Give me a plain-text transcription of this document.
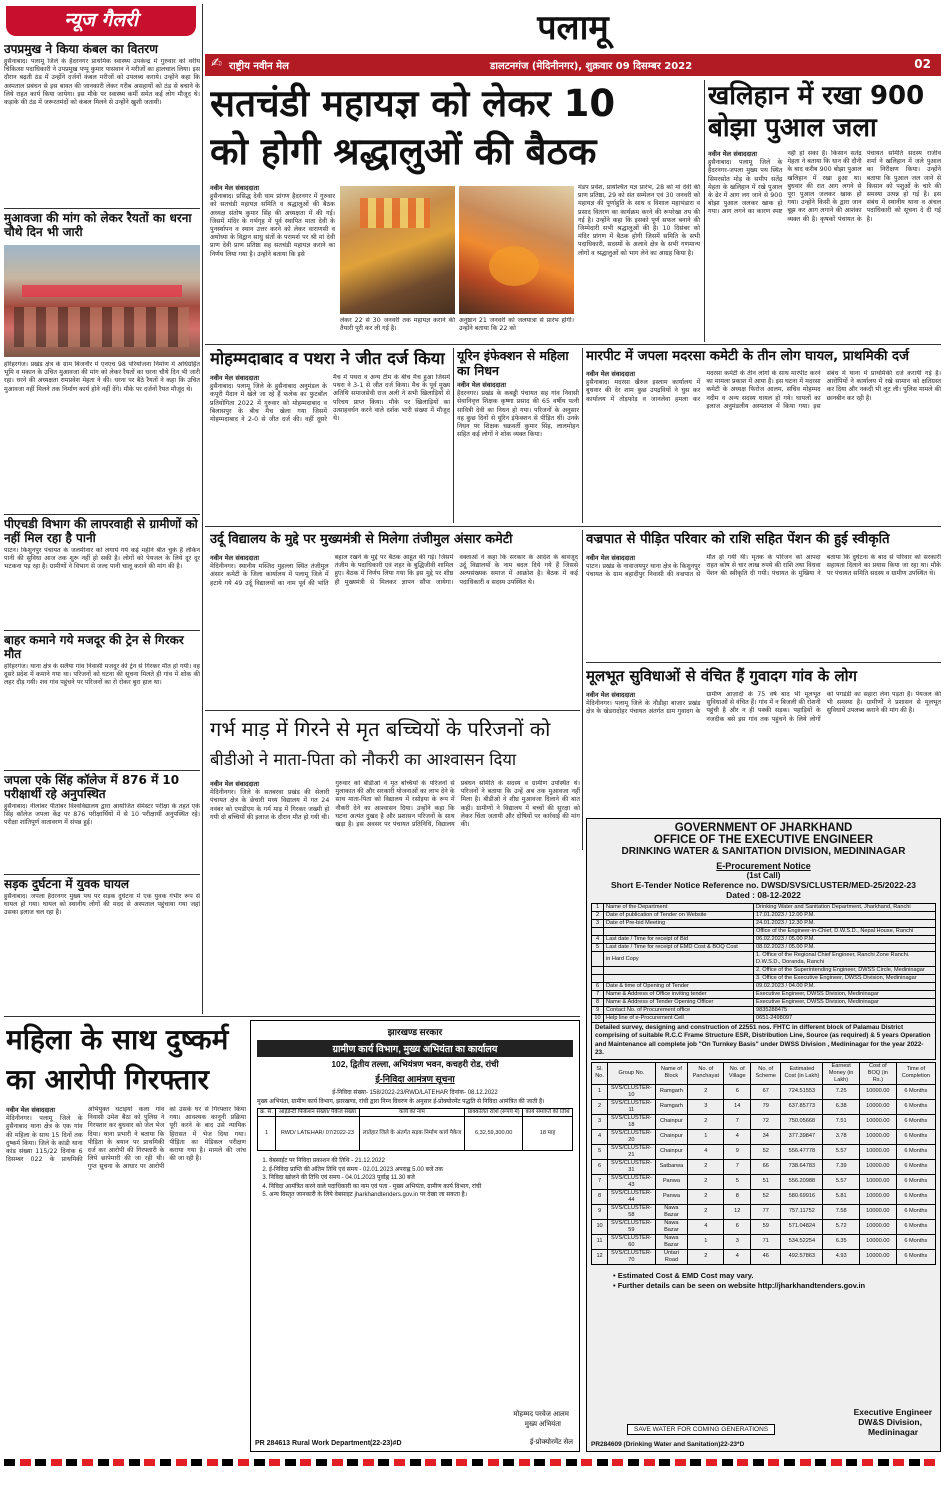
न्यूज गैलरी
उपप्रमुख ने किया कंबल का वितरण
हुसैनाबाद। पलामू जिले के हैदरनगर प्राथमिक स्वास्थ्य उपकेन्द्र में गुरुवार को वरीय चिकित्सा पदाधिकारी ने उपप्रमुख पप्पू कुमार पासवान ने मरीजों का हालचाल लिया। इस दौरान बढ़ती ठंड में उन्होंने दर्जनों कंबल मरीजों को उपलब्ध कराये। उन्होंने कहा कि अस्पताल प्रबंधन से इस बावत की जानकारी लेकर गरीब असहायों को ठंड से बचाने के लिये राहत कार्य किया जायेगा। इस मौके पर स्वास्थ्य कर्मी समेत कई लोग मौजूद थे। कड़ाके की ठंड में जरूरतमंदों को कंबल मिलने से उन्होंने खुशी जतायी।
मुआवजा की मांग को लेकर रैयतों का धरना चौथे दिन भी जारी
हरिहरगंज। प्रखंड क्षेत्र के ग्राम बिजनौर में एनएच 98 परियोजना निर्माण में अधिग्रहित भूमि व मकान के उचित मुआवजा की मांग को लेकर रैयतों का धरना चौथे दिन भी जारी रहा। धरने की अध्यक्षता रामप्रवेश मेहता ने की। धरना पर बैठे रैयतों ने कहा कि उचित मुआवजा नहीं मिलने तक निर्माण कार्य होने नहीं देंगे। मौके पर दर्जनों रैयत मौजूद थे।
पीएचडी विभाग की लापरवाही से ग्रामीणों को नहीं मिल रहा है पानी
पाटन। किशुनपुर पंचायत के जलमीनार को लगाये गये कई महीने बीत चुके हैं लेकिन पानी की सुविधा आज तक शुरू नहीं हो सकी है। लोगों को पेयजल के लिये दूर दूर भटकना पड़ रहा है। ग्रामीणों ने विभाग से जल्द पानी चालू कराने की मांग की है।
बाहर कमाने गये मजदूर की ट्रेन से गिरकर मौत
हरिहरगंज। थाना क्षेत्र के सलैया गांव निवासी मजदूर की ट्रेन से गिरकर मौत हो गयी। वह दूसरे प्रदेश में कमाने गया था। परिजनों को घटना की सूचना मिलते ही गांव में शोक की लहर दौड़ गयी। शव गांव पहुंचने पर परिजनों का रो रोकर बुरा हाल था।
जपला एके सिंह कॉलेज में 876 में 10 परीक्षार्थी रहे अनुपस्थित
हुसैनाबाद। नीलांबर पीतांबर विश्वविद्यालय द्वारा आयोजित सेमेस्टर परीक्षा के तहत एके सिंह कॉलेज जपला केंद्र पर 876 परीक्षार्थियों में से 10 परीक्षार्थी अनुपस्थित रहे। परीक्षा शांतिपूर्ण वातावरण में संपन्न हुई।
सड़क दुर्घटना में युवक घायल
हुसैनाबाद। जपला हैदरनगर मुख्य पथ पर सड़क दुर्घटना में एक युवक गंभीर रूप से घायल हो गया। घायल को स्थानीय लोगों की मदद से अस्पताल पहुंचाया गया जहां उसका इलाज चल रहा है।
पलामू
✍ राष्ट्रीय नवीन मेल	डालटनगंज (मेदिनीनगर), शुक्रवार 09 दिसम्बर 2022	02
सतचंडी महायज्ञ को लेकर 10
को होगी श्रद्धालुओं की बैठक
नवीन मेल संवाददाता
हुसैनाबाद। प्रसिद्ध देवी धाम प्रांगण हैदरनगर में गुरुवार को सतचंडी महायज्ञ समिति व श्रद्धालुओं की बैठक अध्यक्ष संतोष कुमार सिंह की अध्यक्षता में की गई। जिसमें मंदिर के गर्भगृह में पूर्व स्थापित माता देवी के पुनर्स्थापन व स्थान उत्तर करने को लेकर वाराणसी व अयोध्या के विद्वान साधु संतों के परामर्श पर श्री मां देवी प्राण देवी प्राण प्रतिष्ठा सह सतचंडी महायज्ञ कराने का निर्णय लिया गया है। उन्होंने बताया कि इसे
लेकर 22 से 30 जनवरी तक महायज्ञ कराने की तैयारी पूरी कर ली गई है।
अनुष्ठान 21 जनवरी को जलयात्रा से प्रारंभ होगी। उन्होंने बताया कि 22 को
मंडप प्रवेश, प्रायश्चित यज्ञ प्रारंभ, 28 को मां देवी की प्राण प्रतिष्ठा, 29 को संत सम्मेलन एवं 30 जनवरी को महायज्ञ की पूर्णाहुति के साथ व विशाल महाभंडारा व प्रसाद वितरण का कार्यक्रम करने की रूपरेखा तय की गई है। उन्होंने कहा कि इसको पूर्ण सफल बनाने की जिम्मेदारी सभी श्रद्धालुओं की है। 10 दिसंबर को मंदिर प्रांगण में बैठक होगी जिसमें समिति के सभी पदाधिकारी, सदस्यों के अलावे क्षेत्र के सभी गणमान्य लोगों व श्रद्धालुओं को भाग लेने का आग्रह किया है।
खलिहान में रखा 900
बोझा पुआल जला
नवीन मेल संवाददाता
हुसैनाबाद। पलामू जिले के हैदरनगर-जपला मुख्य पथ स्थित सिमरसोत मोड़ के समीप सतेंद्र मेहता के खलिहान में रखे पुआल के ढेर में आग लग जाने से 900 बोझा पुआल जलकर खाक हो गया। आग लगने का कारण स्पष्ट नहीं हो सका है। किसान सतेंद्र मेहता ने बताया कि धान की दौनी के बाद करीब 900 बोझा पुआल खलिहान में रखा हुआ था। बुधवार की रात आग लगने से पूरा पुआल जलकर खाक हो गया। उन्होंने किसी के द्वारा जान बूझ कर आग लगाने की आशंका व्यक्त की है। कृषकों पंचायत के पंचायत समिति सदस्य राजीव शर्मा ने खलिहान में जले पुआल का निरीक्षण किया। उन्होंने बताया कि पुआल जल जाने से किसान को पशुओं के चारे की समस्या उत्पन्न हो गई है। इस संबंध में स्थानीय थाना व अंचल पदाधिकारी को सूचना दे दी गई है।
मोहम्मदाबाद व पथरा ने जीत दर्ज किया
नवीन मेल संवाददाता
हुसैनाबाद। पलामू जिले के हुसैनाबाद अनुमंडल के कपूरी मैदान में खेले जा रहे हैं फलेक का फुटबॉल प्रतियोगिता 2022 में गुरुवार को मोहम्मदाबाद व बिलासपुर के बीच मैच खेला गया जिसमें मोहम्मदाबाद ने 2-0 से जीत दर्ज की। वहीं दूसरे मैच में पथरा व अन्य टीम के बीच मैच हुआ जिसमें पथरा ने 3-1 से जीत दर्ज किया। मैच के पूर्व मुख्य अतिथि समाजसेवी राज अली ने सभी खिलाड़ियों से परिचय प्राप्त किया। मौके पर खिलाड़ियों का उत्साहवर्धन करने वाले दर्शक भारी संख्या में मौजूद थे।
यूरिन इंफेक्शन से महिला का निधन
नवीन मेल संवाददाता
हैदरनगर। प्रखंड के कबड्डी पंचायत सह गांव निवासी सेवानिवृत्त शिक्षक कृष्णा प्रसाद की 65 वर्षीय पत्नी सावित्री देवी का निधन हो गया। परिजनों के अनुसार वह कुछ दिनों से यूरिन इंफेक्शन से पीड़ित थीं। उनके निधन पर शिक्षक चक्रवर्ती कुमार सिंह, लालमोहन सहित कई लोगों ने शोक व्यक्त किया।
मारपीट में जपला मदरसा कमेटी के तीन लोग घायल, प्राथमिकी दर्ज
नवीन मेल संवाददाता
हुसैनाबाद। मदरसा खैरुल इस्लाम कार्यालय में बुधवार की देर शाम कुछ उपद्रवियों ने घुस कर कार्यालय में तोड़फोड़ व जानलेवा हमला कर मदरसा कमेटी के तीन लोगों के साथ मारपीट करने का मामला प्रकाश में आया है। इस घटना में मदरसा कमेटी के अध्यक्ष फिरोज आलम, सचिव मोहम्मद नदीम व अन्य सदस्य घायल हो गये। घायलों का इलाज अनुमंडलीय अस्पताल में किया गया। इस संबंध में थाना में प्राथमिकी दर्ज करायी गई है। आरोपियों ने कार्यालय में रखे सामान को क्षतिग्रस्त कर दिया और नकदी भी लूट ली। पुलिस मामले की छानबीन कर रही है।
उर्दू विद्यालय के मुद्दे पर मुख्यमंत्री से मिलेगा तंजीमुल अंसार कमेटी
नवीन मेल संवाददाता
मेदिनीनगर। स्थानीय मस्जिद मुहल्ला स्थित तंजीमुल अंसार कमेटी के जिला कार्यालय में पलामू जिले में हटाये गये 49 उर्दू विद्यालयों का नाम पूर्व की भांति बहाल रखने के मुद्दे पर बैठक आहूत की गई। जिसमें तंजीम के पदाधिकारी एवं शहर के बुद्धिजीवी शामिल हुए। बैठक में निर्णय लिया गया कि इस मुद्दे पर शीघ्र ही मुख्यमंत्री से मिलकर ज्ञापन सौंपा जायेगा। वक्ताओं ने कहा कि सरकार के आदेश के बावजूद उर्दू विद्यालयों के नाम बदल दिये गये हैं जिससे अल्पसंख्यक समाज में आक्रोश है। बैठक में कई पदाधिकारी व सदस्य उपस्थित थे।
वज्रपात से पीड़ित परिवार को राशि सहित पेंशन की हुई स्वीकृति
नवीन मेल संवाददाता
पाटन। प्रखंड के नावाजयपुर थाना क्षेत्र के किशुनपुर पंचायत के ग्राम बहादीपुर निवासी की वज्रपात से मौत हो गयी थी। मृतक के परिजन को आपदा राहत कोष से चार लाख रुपये की राशि तथा विधवा पेंशन की स्वीकृति दी गयी। पंचायत के मुखिया ने बताया कि दुर्घटना के बाद से परिवार को सरकारी सहायता दिलाने का प्रयास किया जा रहा था। मौके पर पंचायत समिति सदस्य व ग्रामीण उपस्थित थे।
मूलभूत सुविधाओं से वंचित हैं गुवादग गांव के लोग
नवीन मेल संवाददाता
मेदिनीनगर। पलामू जिले के नौडीहा बाजार प्रखंड क्षेत्र के खेडरादोहर पंचायत अंतर्गत ग्राम गुवादग के ग्रामीण आज़ादी के 75 वर्ष बाद भी मूलभूत सुविधाओं से वंचित हैं। गांव में न बिजली की रोशनी पहुंची है और न ही पक्की सड़क। पहाड़ियों के नजदीक बसे इस गांव तक पहुंचने के लिये लोगों को पगडंडी का सहारा लेना पड़ता है। पेयजल की भी समस्या है। ग्रामीणों ने प्रशासन से मूलभूत सुविधायें उपलब्ध कराने की मांग की है।
गर्भ माड़ में गिरने से मृत बच्चियों के परिजनों को
बीडीओ ने माता-पिता को नौकरी का आश्वासन दिया
नवीन मेल संवाददाता
मेदिनीनगर। जिले के सतबरवा प्रखंड की सेलारी पंचायत क्षेत्र के छेचारी मध्य विद्यालय में गत 24 नवंबर को एमडीएम के गर्म माड़ में गिरकर जख्मी हो गयी दो बच्चियों की इलाज के दौरान मौत हो गयी थी। गुरुवार को बीडीओ ने मृत बच्चियों के परिजनों से मुलाकात की और सरकारी योजनाओं का लाभ देने के साथ माता-पिता को विद्यालय में रसोइया के रूप में नौकरी देने का आश्वासन दिया। उन्होंने कहा कि घटना अत्यंत दुखद है और प्रशासन परिजनों के साथ खड़ा है। इस अवसर पर पंचायत प्रतिनिधि, विद्यालय प्रबंधन समिति के सदस्य व ग्रामीण उपस्थित थे। परिजनों ने बताया कि उन्हें अब तक मुआवजा नहीं मिला है। बीडीओ ने शीघ्र मुआवजा दिलाने की बात कही। ग्रामीणों ने विद्यालय में बच्चों की सुरक्षा को लेकर चिंता जतायी और दोषियों पर कार्रवाई की मांग की।
महिला के साथ दुष्कर्म
का आरोपी गिरफ्तार
नवीन मेल संवाददाता
मेदिनीनगर। पलामू जिले के हुसैनाबाद थाना क्षेत्र के एक गांव की महिला के साथ 15 दिनों तक दुष्कर्म किया। जिले के कांडी थाना कांड संख्या 115/22 दिनांक 6 दिसम्बर 022 के प्राथमिकी अभियुक्त घटाइयों कला गांव निवासी उमेश बैठा को पुलिस ने गिरफ्तार कर बुधवार को जेल भेज दिया। थाना प्रभारी ने बताया कि पीड़िता के बयान पर प्राथमिकी दर्ज कर आरोपी की गिरफ्तारी के लिये छापेमारी की जा रही थी। गुप्त सूचना के आधार पर आरोपी को उसके घर से गिरफ्तार किया गया। आवश्यक कानूनी प्रक्रिया पूरी करने के बाद उसे न्यायिक हिरासत में भेज दिया गया। पीड़िता का मेडिकल परीक्षण कराया गया है। मामले की जांच की जा रही है।
झारखण्ड सरकार
ग्रामीण कार्य विभाग, मुख्य अभियंता का कार्यालय
102, द्वितीय तल्ला, अभियंत्रण भवन, कचहरी रोड, रांची
ई-निविदा आमंत्रण सूचना
ई-निविदा संख्या- 158/2022-23/RWD/LATEHAR दिनांक- 08.12.2022
मुख्य अभियंता, ग्रामीण कार्य विभाग, झारखण्ड, रांची द्वारा निम्न विवरण के अनुसार ई-प्रोक्योरमेंट पद्धति से निविदा आमंत्रित की जाती है।
क्र. सं.	आईडेन्टी फिकेशन संख्या/ पैकेज संख्या	कार्य का नाम	प्राक्कलित राशि (रूपये में)	कार्य समाप्ति की तिथि
1	RWD/ LATEHAR/ 07/2022-23	लातेहार जिले के अंतर्गत सड़क निर्माण कार्य पैकेज	6,32,59,300.00	18 माह
1. वेबसाईट पर निविदा प्रकाशन की तिथि - 21.12.2022
2. ई-निविदा प्राप्ति की अंतिम तिथि एवं समय - 02.01.2023 अपराह्न 5.00 बजे तक
3. निविदा खोलने की तिथि एवं समय - 04.01.2023 पूर्वाह्न 11.30 बजे
4. निविदा आमंत्रित करने वाले पदाधिकारी का नाम एवं पता - मुख्य अभियंता, ग्रामीण कार्य विभाग, रांची
5. अन्य विस्तृत जानकारी के लिये वेबसाइट jharkhandtenders.gov.in पर देखा जा सकता है।
मोहम्मद परवेज आलम
मुख्य अभियंता
PR 284613 Rural Work Department(22-23)#D	ई-प्रोक्योरमेंट सेल
GOVERNMENT OF JHARKHAND
OFFICE OF THE EXECUTIVE ENGINEER
DRINKING WATER & SANITATION DIVISION, MEDININAGAR
E-Procurement Notice
(1st Call)
Short E-Tender Notice Reference no. DWSD/SVS/CLUSTER/MED-25/2022-23
Dated : 08-12-2022
1	Name of the Department	Drinking Water and Sanitation Department, Jharkhand, Ranchi
2	Date of publication of Tender on Website	17.01.2023 / 12.00 P.M.
3	Date of Pre-bid Meeting	24.01.2023 / 12.30 P.M.
		Office of the Engineer-in-Chief, D.W.S.D., Nepal House, Ranchi
4	Last date / Time for receipt of Bid	06.02.2023 / 05.00 P.M.
5	Last date / Time for receipt of EMD Cost & BOQ Cost	08.02.2023 / 05.00 P.M.
	in Hard Copy	1. Office of the Regional Chief Engineer, Ranchi Zone Ranchi. D.W.S.D., Doranda, Ranchi
		2. Office of the Superintending Engineer, DWSS Circle, Medininagar
		3. Office of the Executive Engineer, DWSS Division, Medininagar
6	Date & time of Opening of Tender	09.02.2023 / 04.00 P.M.
7	Name & Address of Office inviting tender	Executive Engineer, DWSS Division, Medininagar
8	Name & Address of Tender Opening Officer	Executive Engineer, DWSS Division, Medininagar
9	Contact No. of Procurement office	9835288475
10	Help line of e-Procurement Cell	0651-2498097
Detailed survey, designing and construction of 22551 nos. FHTC in different block of Palamau District comprising of suitable R.C.C Frame Structure ESR, Distribution Line, Source (as required) & 5 years Operation and Maintenance all complete job "On Turnkey Basis" under DWSS Division , Medininagar for the year 2022-23.
Sl. No.	Group No.	Name of Block	No. of Panchayat	No. of Village	No. of Scheme	Estimated Cost (in Lakh)	Earnest Money (in Lakh)	Cost of BOQ (in Rs.)	Time of Completion
1	SVS/CLUSTER-10	Ramgarh	2	6	67	724.51553	7.25	10000.00	6 Months
2	SVS/CLUSTER-11	Ramgarh	3	14	79	637.85773	6.38	10000.00	6 Months
3	SVS/CLUSTER-18	Chainpur	2	7	72	750.05668	7.51	10000.00	6 Months
4	SVS/CLUSTER-20	Chainpur	1	4	34	377.39847	3.78	10000.00	6 Months
5	SVS/CLUSTER-21	Chainpur	4	9	52	556.47778	5.57	10000.00	6 Months
6	SVS/CLUSTER-31	Satbarwa	2	7	66	738.64783	7.39	10000.00	6 Months
7	SVS/CLUSTER-43	Panwa	2	5	51	556.20988	5.57	10000.00	6 Months
8	SVS/CLUSTER-44	Panwa	2	8	52	580.69916	5.81	10000.00	6 Months
9	SVS/CLUSTER-58	Nawa Bazar	2	12	77	757.11752	7.58	10000.00	6 Months
10	SVS/CLUSTER-59	Nawa Bazar	4	6	59	571.04824	5.72	10000.00	6 Months
11	SVS/CLUSTER-60	Nawa Bazar	1	3	71	534.52254	6.35	10000.00	6 Months
12	SVS/CLUSTER-70	Untari Road	2	4	46	492.57863	4.93	10000.00	6 Months
• Estimated Cost & EMD Cost may vary.
• Further details can be seen on website http://jharkhandtenders.gov.in
Executive Engineer
DW&S Division,
Medininagar
SAVE WATER FOR COMING GENERATIONS
PR284609 (Drinking Water and Sanitation)22-23*D
